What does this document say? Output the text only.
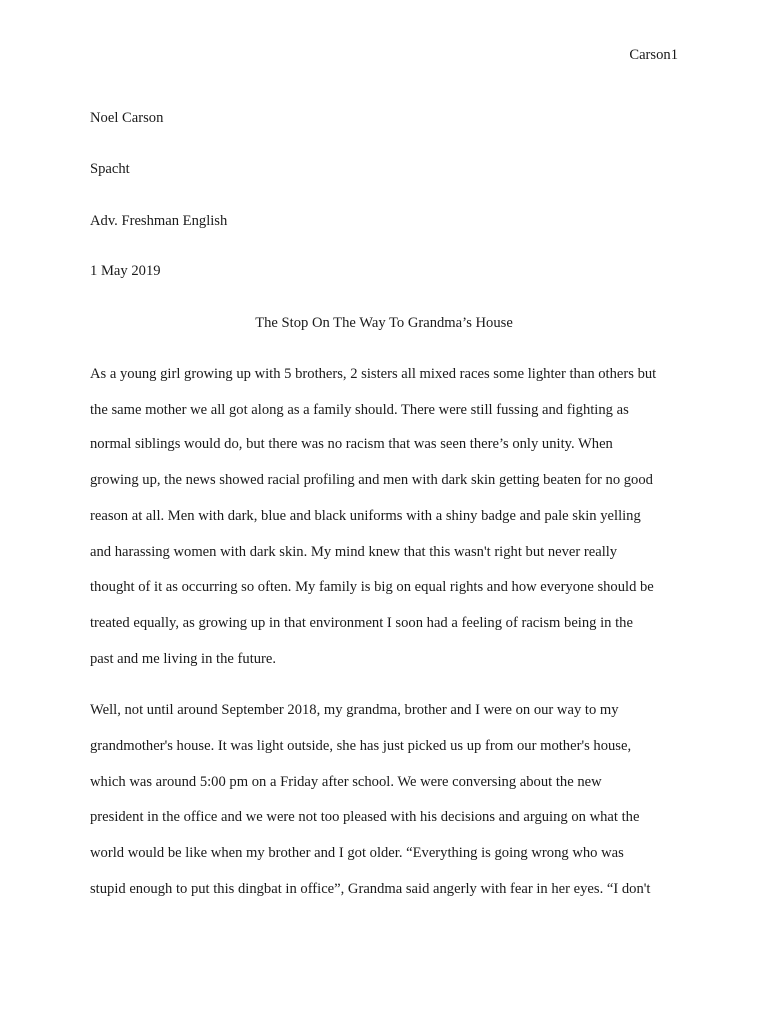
Carson1
Noel Carson
Spacht
Adv. Freshman English
1 May 2019
The Stop On The Way To Grandma’s House
As a young girl growing up with 5 brothers, 2 sisters all mixed races some lighter than others but
the same mother we all got along as a family should. There were still fussing and fighting as
normal siblings would do, but there was no racism that was seen there’s only unity. When
growing up, the news showed racial profiling and men with dark skin getting beaten for no good
reason at all. Men with dark, blue and black uniforms with a shiny badge and pale skin yelling
and harassing women with dark skin. My mind knew that this wasn't right but never really
thought of it as occurring so often. My family is big on equal rights and how everyone should be
treated equally, as growing up in that environment I soon had a feeling of racism being in the
past and me living in the future.
Well, not until around September 2018, my grandma, brother and I were on our way to my
grandmother's house. It was light outside, she has just picked us up from our mother's house,
which was around 5:00 pm on a Friday after school. We were conversing about the new
president in the office and we were not too pleased with his decisions and arguing on what the
world would be like when my brother and I got older. “Everything is going wrong who was
stupid enough to put this dingbat in office”, Grandma said angerly with fear in her eyes. “I don't
